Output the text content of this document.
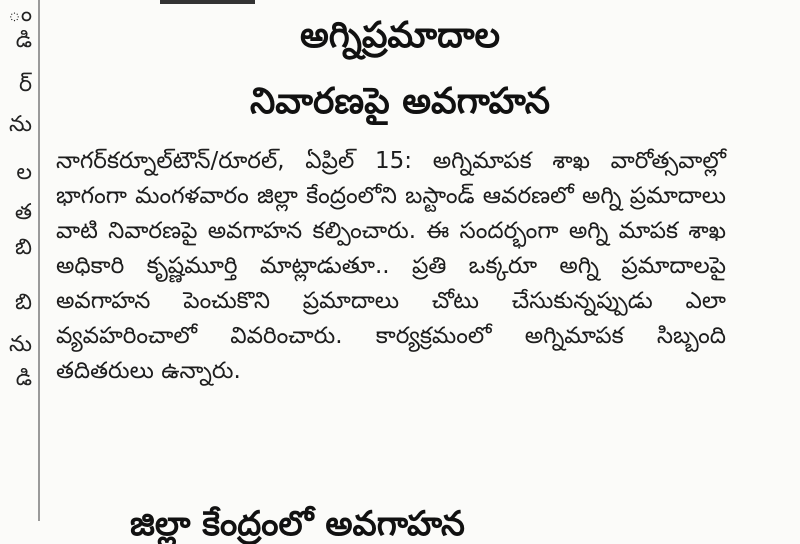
ం
డి
ర్
ను
ల
త
బి
బి
ను
డి
అగ్నిప్రమాదాల
నివారణపై అవగాహన
నాగర్‌కర్నూల్‌టౌన్‌/రూరల్‌, ఏప్రిల్‌ 15: అగ్నిమాపక శాఖ వారోత్సవాల్లో భాగంగా మంగళవారం జిల్లా కేంద్రంలోని బస్టాండ్‌ ఆవరణలో అగ్ని ప్రమాదాలు వాటి నివారణపై అవగాహన కల్పించారు. ఈ సందర్భంగా అగ్ని మాపక శాఖ అధికారి కృష్ణమూర్తి మాట్లాడుతూ.. ప్రతి ఒక్కరూ అగ్ని ప్రమాదాలపై అవగాహన పెంచుకొని ప్రమాదాలు చోటు చేసుకున్నప్పుడు ఎలా వ్యవహరించాలో వివరించారు. కార్యక్రమంలో అగ్నిమాపక సిబ్బంది తదితరులు ఉన్నారు.
జిల్లా కేంద్రంలో అవగాహన
